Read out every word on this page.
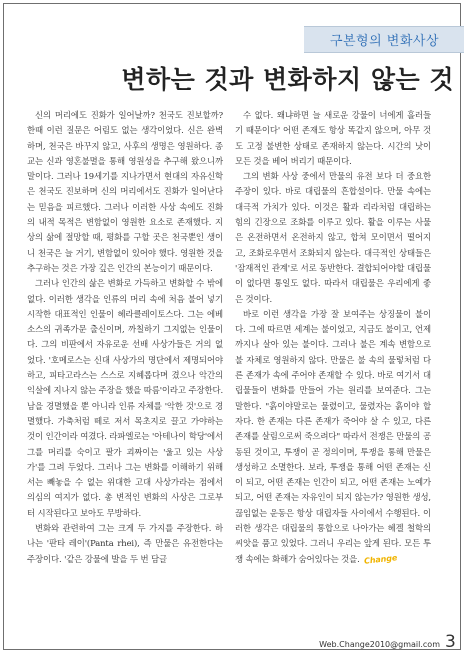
구본형의 변화사상
변하는 것과 변화하지 않는 것

신의 머리에도 진화가 일어날까? 천국도 진보할까? 한때 이런 질문은 어림도 없는 생각이었다. 신은 완벽하며, 천국은 바꾸지 않고, 사후의 생명은 영원하다. 종교는 신과 영혼불멸을 통해 영원성을 추구해 왔으니까 말이다. 그러나 19세기를 지나가면서 현대의 자유신학은 천국도 진보하며 신의 머리에서도 진화가 일어난다는 믿음을 피르했다. 그러나 이러한 사상 속에도 진화의 내적 목적은 변함없이 영원한 요소로 존재했다. 지상의 삶에 절망할 때, 평화를 구할 곳은 천국뿐인 생이니 천국은 늘 거기, 변함없이 있어야 했다. 영원한 것을 추구하는 것은 가장 깊은 인간의 본능이기 때문이다.

그러나 인간의 삶은 변화로 가득하고 변화할 수 밖에 없다. 이러한 생각을 인류의 머리 속에 처음 불어 넣기 시작한 대표적인 인물이 헤라클레이토스다. 그는 에베소스의 귀족가문 출신이며, 까칠하기 그지없는 인물이다. 그의 비판에서 자유로운 선배 사상가들은 거의 없었다. '호메로스는 신대 사상가의 명단에서 제명되어야 하고, 피타고라스는 스스로 지혜롭다며 겼으나 악간의 익살에 지나지 않는 주장을 했을 따름'이라고 주장한다. 남을 경멸했을 뿐 아니라 인류 자체를 '악한 것'으로 경멸했다. 가축처럼 떼로 저서 목초지로 끌고 가야하는 것이 인간이라 여겼다. 라파엘로는 '아테나이 학당'에서 그를 머리를 숙이고 팔가 괴짜이는 '울고 있는 사상가'를 그려 두었다. 그러나 그는 변화를 이해하기 위해서는 빼놓을 수 없는 위대한 고대 사상가라는 점에서 의심의 여지가 없다. 총 변적인 변화의 사상은 그로부터 시작된다고 보아도 무방하다.

변화와 관련하여 그는 크게 두 가지를 주장한다. 하나는 '판타 레이'(Panta rhei), 즉 만물은 유전한다는 주장이다. '같은 강물에 발을 두 번 담글

수 없다. 왜냐하면 늘 새로운 강물이 너에게 흘러들기 때문이다' 어떤 존재도 항상 똑같지 않으며, 아무 것도 고정 불변한 상태로 존재하지 않는다. 시간의 낫이 모든 것을 베어 버리기 때문이다.

그의 변화 사상 중에서 만물의 유전 보다 더 중요한 주장이 있다. 바로 대립물의 흔합설이다. 만물 속에는 대극적 가치가 있다. 이것은 활과 리라처럼 대립하는 힘의 긴장으로 조화를 이루고 있다. 활을 이루는 사물은 온전하면서 온전하지 않고, 합쳐 모이면서 떨어지고, 조화로우면서 조화되지 않는다. 대극적인 상태들은 '잠재적인 관계'로 서로 동반한다. 결합되어야할 대립물이 없다면 통일도 없다. 따라서 대립물은 우리에게 좋은 것이다.

바로 이런 생각을 가장 잘 보여주는 상징물이 불이다. 그에 따르면 세계는 불이었고, 지금도 불이고, 언제까지나 살아 있는 불이다. 그러나 불은 계속 변함으로 불 자체로 영원하지 않다. 만물은 불 속의 물렇처럼 다른 존재가 속에 주어야 존재할 수 있다. 바로 여기서 대립물들이 변화를 만들어 가는 원리를 보여준다. 그는 말한다. "흙이야말로는 물렸이고, 물렸자는 흙이야 할 자다. 한 존재는 다른 존재가 죽어야 살 수 있고, 다른 존재를 살림으로써 죽으려다" 따라서 전쟁은 만물의 공동된 것이고, 투쟁이 곧 정의이며, 투쟁을 통해 만물은 생성하고 소멸한다. 보라, 투쟁을 통해 어떤 존재는 신이 되고, 어떤 존재는 인간이 되고, 어떤 존재는 노예가 되고, 어떤 존재는 자유인이 되지 않는가? 영원한 생성, 끊임없는 운동은 항상 대립자들 사이에서 수행된다. 이러한 생각은 대립물의 통합으로 나아가는 헤겔 철학의 씨앗을 품고 있었다. 그러니 우리는 앞게 된다. 모든 투쟁 속에는 화해가 숨어있다는 것을. Change

Web.Change2010@gmail.com 3
